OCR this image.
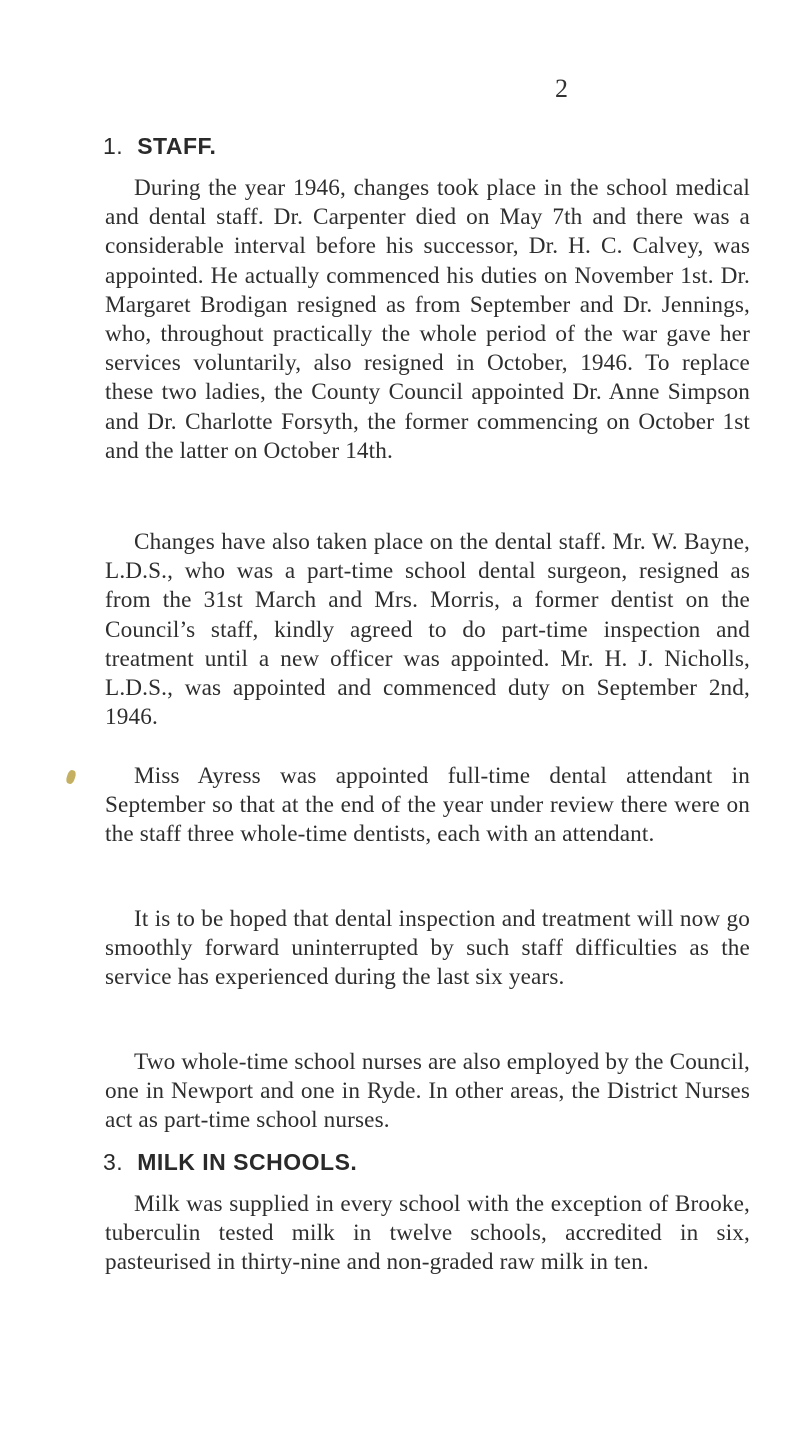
2
1. STAFF.

During the year 1946, changes took place in the school medical and dental staff. Dr. Carpenter died on May 7th and there was a considerable interval before his successor, Dr. H. C. Calvey, was appointed. He actually commenced his duties on November 1st. Dr. Margaret Brodigan resigned as from September and Dr. Jennings, who, throughout practically the whole period of the war gave her services voluntarily, also resigned in October, 1946. To replace these two ladies, the County Council appointed Dr. Anne Simpson and Dr. Charlotte Forsyth, the former commencing on October 1st and the latter on October 14th.

Changes have also taken place on the dental staff. Mr. W. Bayne, L.D.S., who was a part-time school dental surgeon, resigned as from the 31st March and Mrs. Morris, a former dentist on the Council’s staff, kindly agreed to do part-time inspection and treatment until a new officer was appointed. Mr. H. J. Nicholls, L.D.S., was appointed and commenced duty on September 2nd, 1946.

Miss Ayress was appointed full-time dental attendant in September so that at the end of the year under review there were on the staff three whole-time dentists, each with an attendant.

It is to be hoped that dental inspection and treatment will now go smoothly forward uninterrupted by such staff difficulties as the service has experienced during the last six years.

Two whole-time school nurses are also employed by the Council, one in Newport and one in Ryde. In other areas, the District Nurses act as part-time school nurses.

3. MILK IN SCHOOLS.

Milk was supplied in every school with the exception of Brooke, tuberculin tested milk in twelve schools, accredited in six, pasteurised in thirty-nine and non-graded raw milk in ten.
